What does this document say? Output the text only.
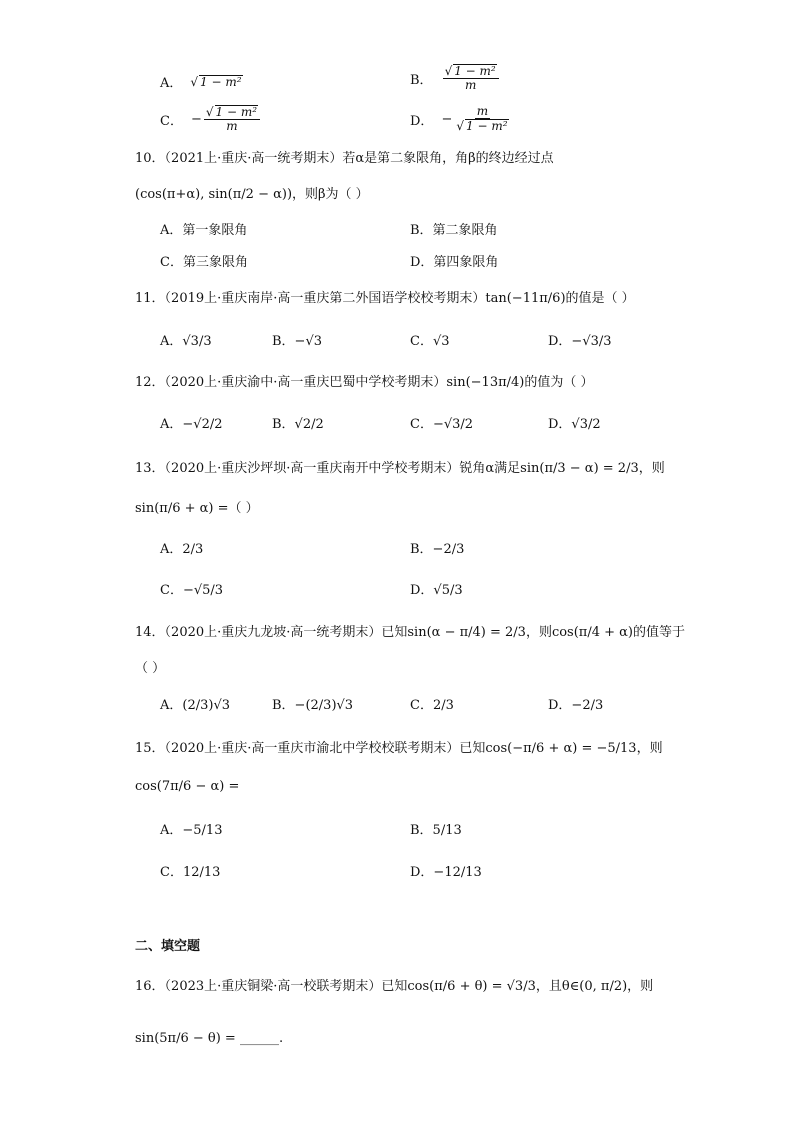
A． √ 1 − m²	B． $\frac{\text{√ 1 − m²}}{m}$
C． − $\frac{\text{√ 1 − m²}}{m}$	D． − $\frac{m}{\text{√ 1 − m²}}$
10．（2021上·重庆·高一统考期末）若α是第二象限角，角β的终边经过点
(cos(π+α), sin(π/2 − α))，则β为（ ）
A．第一象限角	B．第二象限角
C．第三象限角	D．第四象限角
11．（2019上·重庆南岸·高一重庆第二外国语学校校考期末）tan(−11π/6)的值是（ ）
A．√3/3	B．−√3	C．√3	D．−√3/3
12．（2020上·重庆渝中·高一重庆巴蜀中学校考期末）sin(−13π/4)的值为（ ）
A．−√2/2	B．√2/2	C．−√3/2	D．√3/2
13．（2020上·重庆沙坪坝·高一重庆南开中学校考期末）锐角α满足sin(π/3 − α) = 2/3，则
sin(π/6 + α) =（ ）
A．2/3	B．−2/3
C．−√5/3	D．√5/3
14．（2020上·重庆九龙坡·高一统考期末）已知sin(α − π/4) = 2/3，则cos(π/4 + α)的值等于
（ ）
A．(2/3)√3	B．−(2/3)√3	C．2/3	D．−2/3
15．（2020上·重庆·高一重庆市渝北中学校校联考期末）已知cos(−π/6 + α) = −5/13，则
cos(7π/6 − α) =
A．−5/13	B．5/13
C．12/13	D．−12/13
二、填空题
16．（2023上·重庆铜梁·高一校联考期末）已知cos(π/6 + θ) = √3/3，且θ∈(0, π/2)，则
sin(5π/6 − θ) = ______.
